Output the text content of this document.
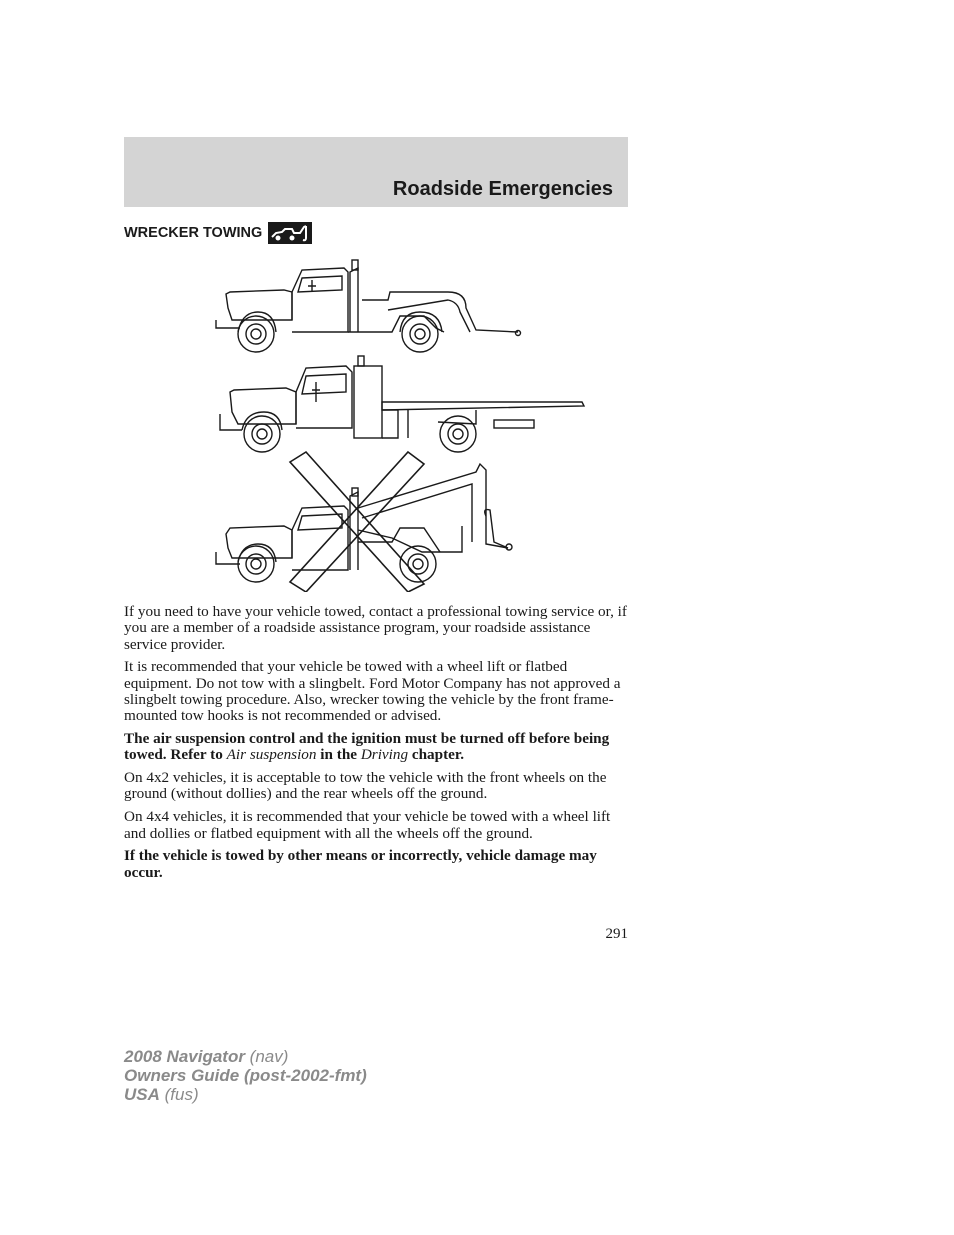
Roadside Emergencies
WRECKER TOWING

If you need to have your vehicle towed, contact a professional towing service or, if you are a member of a roadside assistance program, your roadside assistance service provider.

It is recommended that your vehicle be towed with a wheel lift or flatbed equipment. Do not tow with a slingbelt. Ford Motor Company has not approved a slingbelt towing procedure. Also, wrecker towing the vehicle by the front frame-mounted tow hooks is not recommended or advised.

The air suspension control and the ignition must be turned off before being towed. Refer to Air suspension in the Driving chapter.

On 4x2 vehicles, it is acceptable to tow the vehicle with the front wheels on the ground (without dollies) and the rear wheels off the ground.

On 4x4 vehicles, it is recommended that your vehicle be towed with a wheel lift and dollies or flatbed equipment with all the wheels off the ground.

If the vehicle is towed by other means or incorrectly, vehicle damage may occur.

291
2008 Navigator (nav)
Owners Guide (post-2002-fmt)
USA (fus)
